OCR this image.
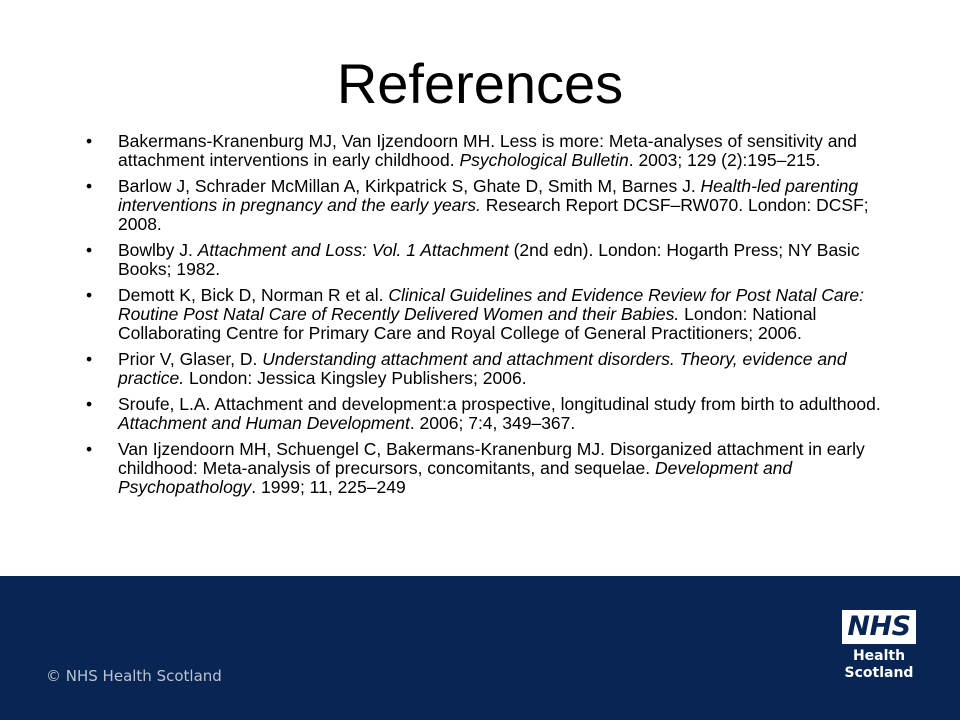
References
•	Bakermans-Kranenburg MJ, Van Ijzendoorn MH. Less is more: Meta-analyses of sensitivity and attachment interventions in early childhood. Psychological Bulletin. 2003; 129 (2):195–215.
•	Barlow J, Schrader McMillan A, Kirkpatrick S, Ghate D, Smith M, Barnes J. Health-led parenting interventions in pregnancy and the early years. Research Report DCSF–RW070. London: DCSF; 2008.
•	Bowlby J. Attachment and Loss: Vol. 1 Attachment (2nd edn). London: Hogarth Press; NY Basic Books; 1982.
•	Demott K, Bick D, Norman R et al. Clinical Guidelines and Evidence Review for Post Natal Care: Routine Post Natal Care of Recently Delivered Women and their Babies. London: National Collaborating Centre for Primary Care and Royal College of General Practitioners; 2006.
•	Prior V, Glaser, D. Understanding attachment and attachment disorders. Theory, evidence and practice. London: Jessica Kingsley Publishers; 2006.
•	Sroufe, L.A. Attachment and development:a prospective, longitudinal study from birth to adulthood. Attachment and Human Development. 2006; 7:4, 349–367.
•	Van Ijzendoorn MH, Schuengel C, Bakermans-Kranenburg MJ. Disorganized attachment in early childhood: Meta-analysis of precursors, concomitants, and sequelae. Development and Psychopathology. 1999; 11, 225–249
© NHS Health Scotland
NHS
Health
Scotland
